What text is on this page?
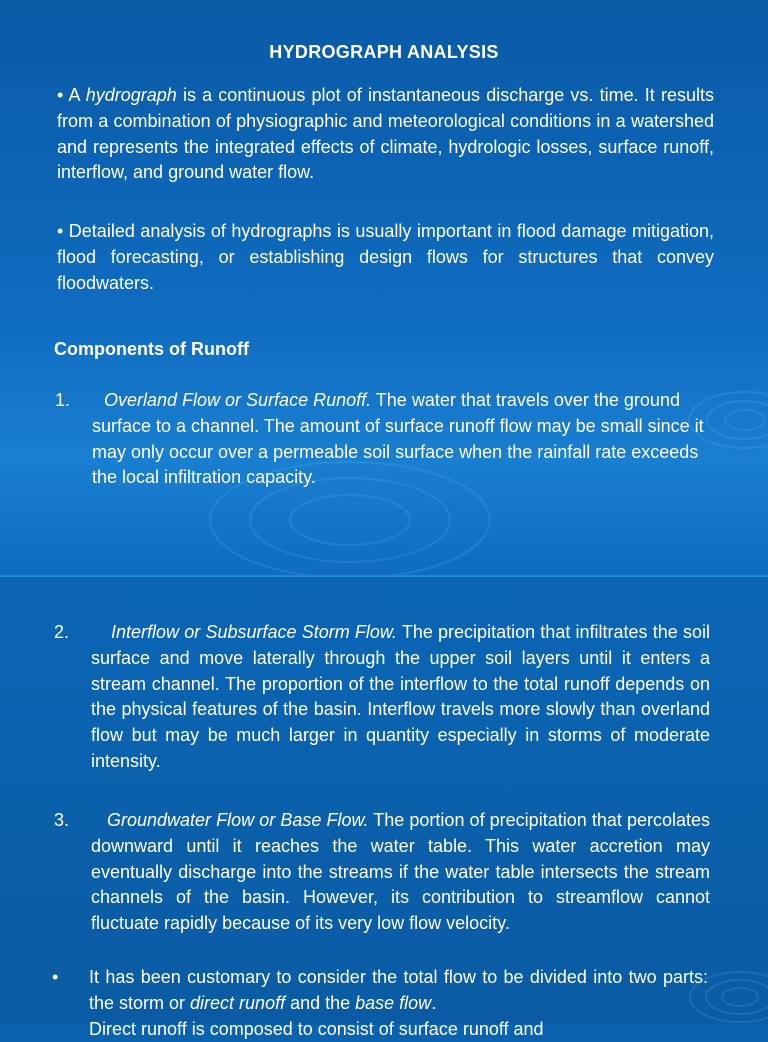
HYDROGRAPH ANALYSIS

• A hydrograph is a continuous plot of instantaneous discharge vs. time. It results from a combination of physiographic and meteorological conditions in a watershed and represents the integrated effects of climate, hydrologic losses, surface runoff, interflow, and ground water flow.

• Detailed analysis of hydrographs is usually important in flood damage mitigation, flood forecasting, or establishing design flows for structures that convey floodwaters.

Components of Runoff
1.	Overland Flow or Surface Runoff. The water that travels over the ground surface to a channel. The amount of surface runoff flow may be small since it may only occur over a permeable soil surface when the rainfall rate exceeds the local infiltration capacity.

2.	Interflow or Subsurface Storm Flow. The precipitation that infiltrates the soil surface and move laterally through the upper soil layers until it enters a stream channel. The proportion of the interflow to the total runoff depends on the physical features of the basin. Interflow travels more slowly than overland flow but may be much larger in quantity especially in storms of moderate intensity.

3.	Groundwater Flow or Base Flow. The portion of precipitation that percolates downward until it reaches the water table. This water accretion may eventually discharge into the streams if the water table intersects the stream channels of the basin. However, its contribution to streamflow cannot fluctuate rapidly because of its very low flow velocity.

•	It has been customary to consider the total flow to be divided into two parts: the storm or direct runoff and the base flow.
Direct runoff is composed to consist of surface runoff and
